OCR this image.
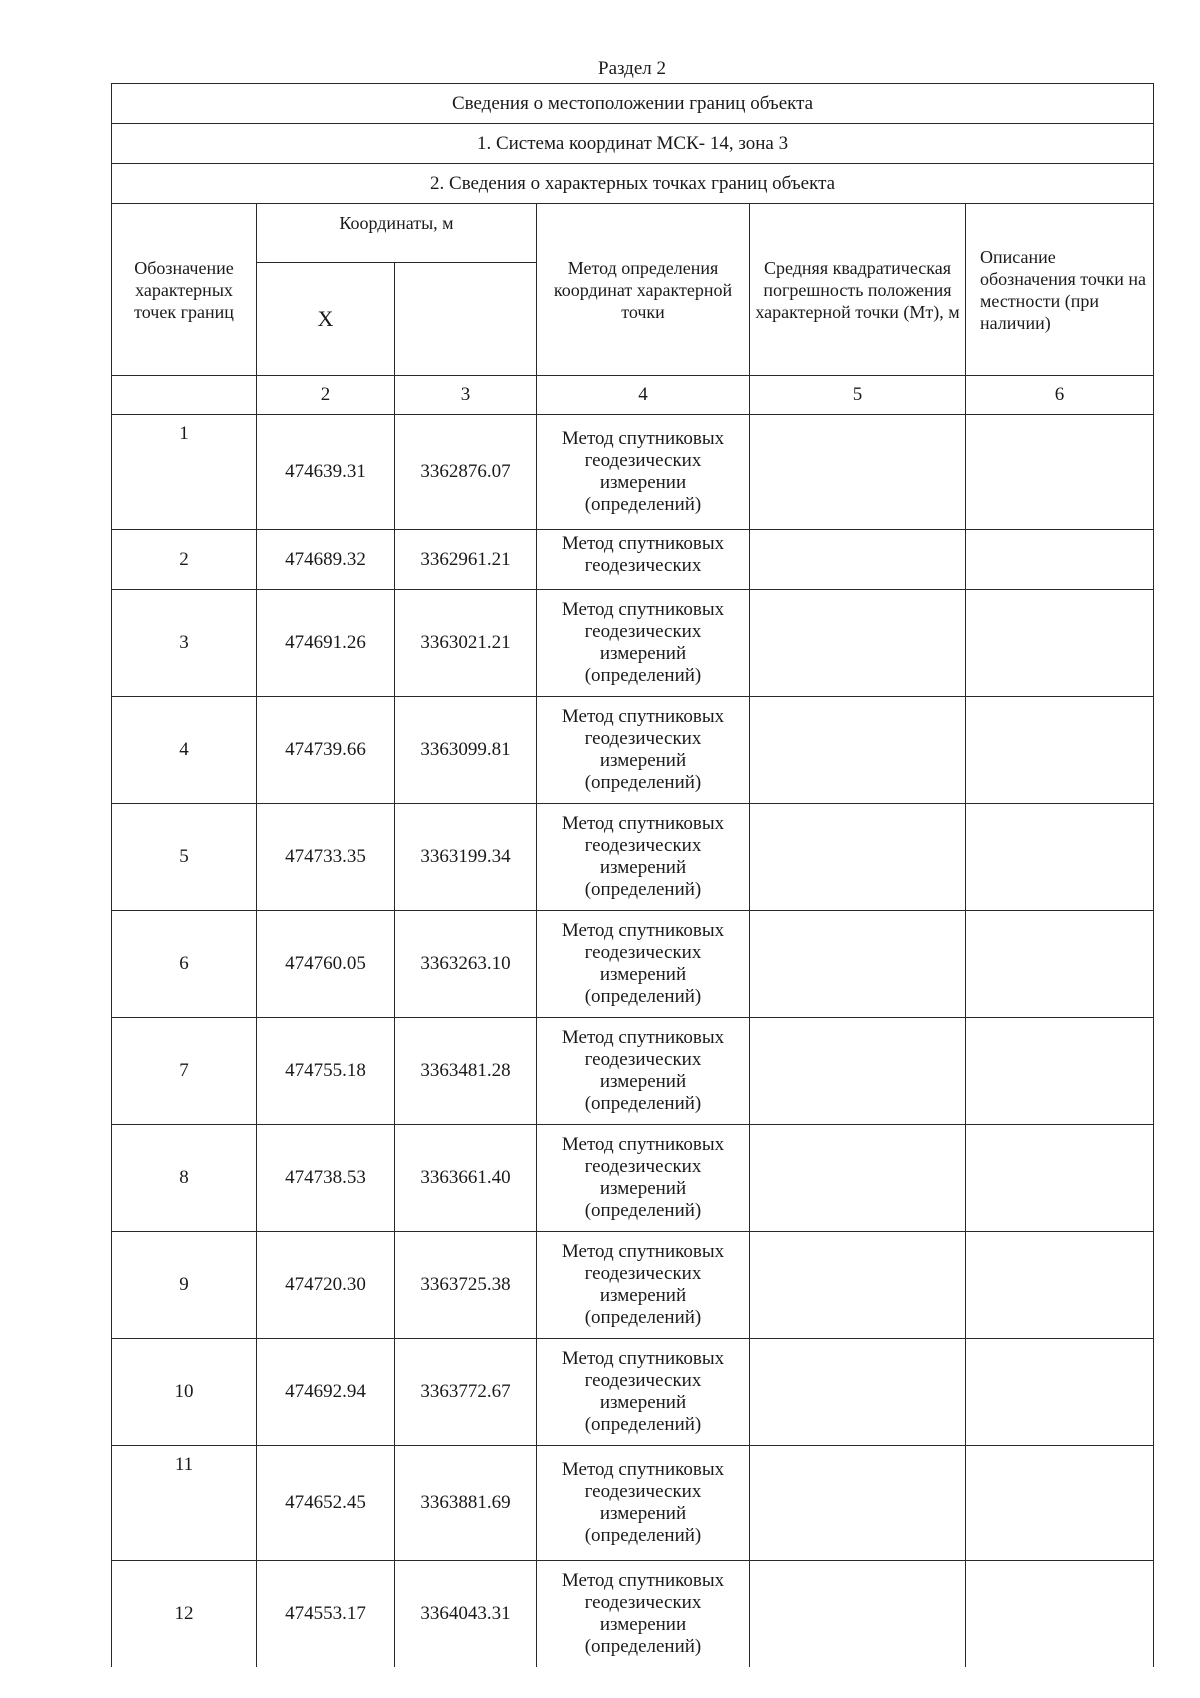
Раздел 2
Сведения о местоположении границ объекта					
1. Система координат МСК- 14, зона 3					
2. Сведения о характерных точках границ объекта					
Обозначение характерных точек границ	Координаты, м		Метод определения координат характерной точки	Средняя квадратическая погрешность положения характерной точки (Мт), м	Описание обозначения точки на местности (при наличии)
	X				
	2	3	4	5	6
1	474639.31	3362876.07	Метод спутниковых
геодезических
измерении
(определений)		

2	474689.32	3362961.21	Метод спутниковых
геодезических		

3	474691.26	3363021.21	Метод спутниковых
геодезических
измерений
(определений)		

4	474739.66	3363099.81	Метод спутниковых
геодезических
измерений
(определений)		

5	474733.35	3363199.34	Метод спутниковых
геодезических
измерений
(определений)		

6	474760.05	3363263.10	Метод спутниковых
геодезических
измерений
(определений)		

7	474755.18	3363481.28	Метод спутниковых
геодезических
измерений
(определений)		

8	474738.53	3363661.40	Метод спутниковых
геодезических
измерений
(определений)		

9	474720.30	3363725.38	Метод спутниковых
геодезических
измерений
(определений)		

10	474692.94	3363772.67	Метод спутниковых
геодезических
измерений
(определений)		

11	474652.45	3363881.69	Метод спутниковых
геодезических
измерений
(определений)		

12	474553.17	3364043.31	Метод спутниковых
геодезических
измерении
(определений)		
